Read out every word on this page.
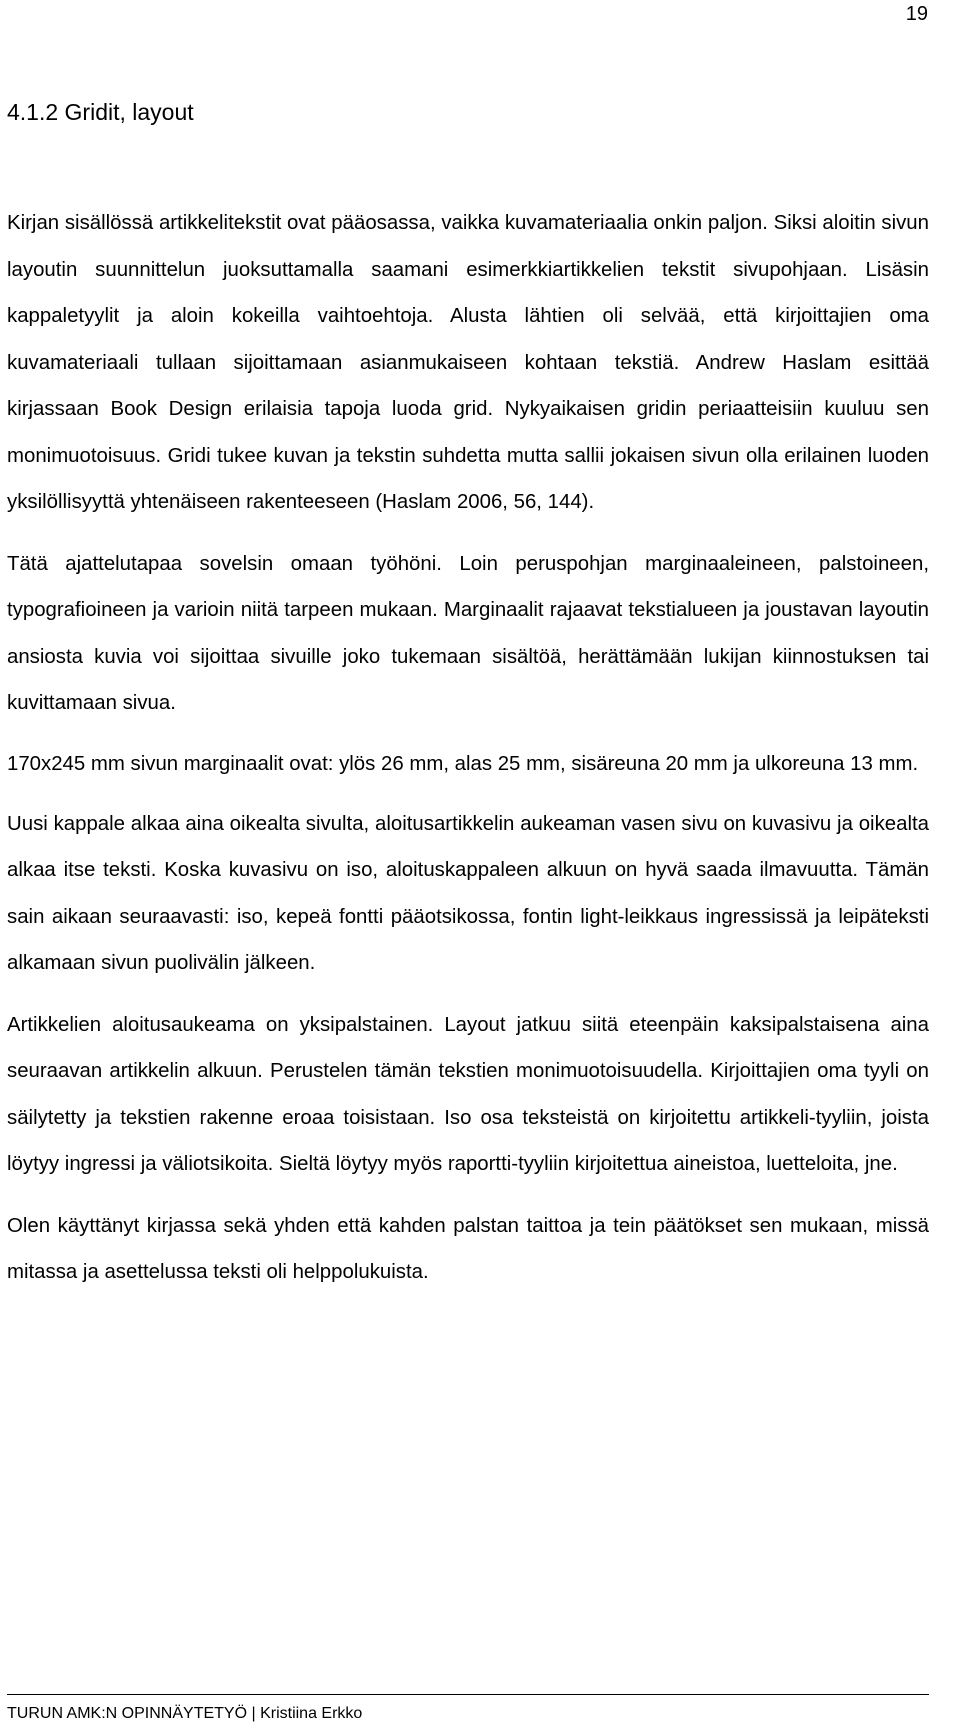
19
4.1.2 Gridit, layout

Kirjan sisällössä artikkelitekstit ovat pääosassa, vaikka kuvamateriaalia onkin paljon. Siksi aloitin sivun layoutin suunnittelun juoksuttamalla saamani esimerkkiartikkelien tekstit sivupohjaan. Lisäsin kappaletyylit ja aloin kokeilla vaihtoehtoja. Alusta lähtien oli selvää, että kirjoittajien oma kuvamateriaali tullaan sijoittamaan asianmukaiseen kohtaan tekstiä. Andrew Haslam esittää kirjassaan Book Design erilaisia tapoja luoda grid. Nykyaikaisen gridin periaatteisiin kuuluu sen monimuotoisuus. Gridi tukee kuvan ja tekstin suhdetta mutta sallii jokaisen sivun olla erilainen luoden yksilöllisyyttä yhtenäiseen rakenteeseen (Haslam 2006, 56, 144).

Tätä ajattelutapaa sovelsin omaan työhöni. Loin peruspohjan marginaaleineen, palstoineen, typografioineen ja varioin niitä tarpeen mukaan. Marginaalit rajaavat tekstialueen ja joustavan layoutin ansiosta kuvia voi sijoittaa sivuille joko tukemaan sisältöä, herättämään lukijan kiinnostuksen tai kuvittamaan sivua.

170x245 mm sivun marginaalit ovat: ylös 26 mm, alas 25 mm, sisäreuna 20 mm ja ulkoreuna 13 mm.

Uusi kappale alkaa aina oikealta sivulta, aloitusartikkelin aukeaman vasen sivu on kuvasivu ja oikealta alkaa itse teksti. Koska kuvasivu on iso, aloituskappaleen alkuun on hyvä saada ilmavuutta. Tämän sain aikaan seuraavasti: iso, kepeä fontti pääotsikossa, fontin light-leikkaus ingressissä ja leipäteksti alkamaan sivun puolivälin jälkeen.

Artikkelien aloitusaukeama on yksipalstainen. Layout jatkuu siitä eteenpäin kaksipalstaisena aina seuraavan artikkelin alkuun. Perustelen tämän tekstien monimuotoisuudella. Kirjoittajien oma tyyli on säilytetty ja tekstien rakenne eroaa toisistaan. Iso osa teksteistä on kirjoitettu artikkeli-tyyliin, joista löytyy ingressi ja väliotsikoita. Sieltä löytyy myös raportti-tyyliin kirjoitettua aineistoa, luetteloita, jne.

Olen käyttänyt kirjassa sekä yhden että kahden palstan taittoa ja tein päätökset sen mukaan, missä mitassa ja asettelussa teksti oli helppolukuista.

TURUN AMK:N OPINNÄYTETYÖ | Kristiina Erkko
